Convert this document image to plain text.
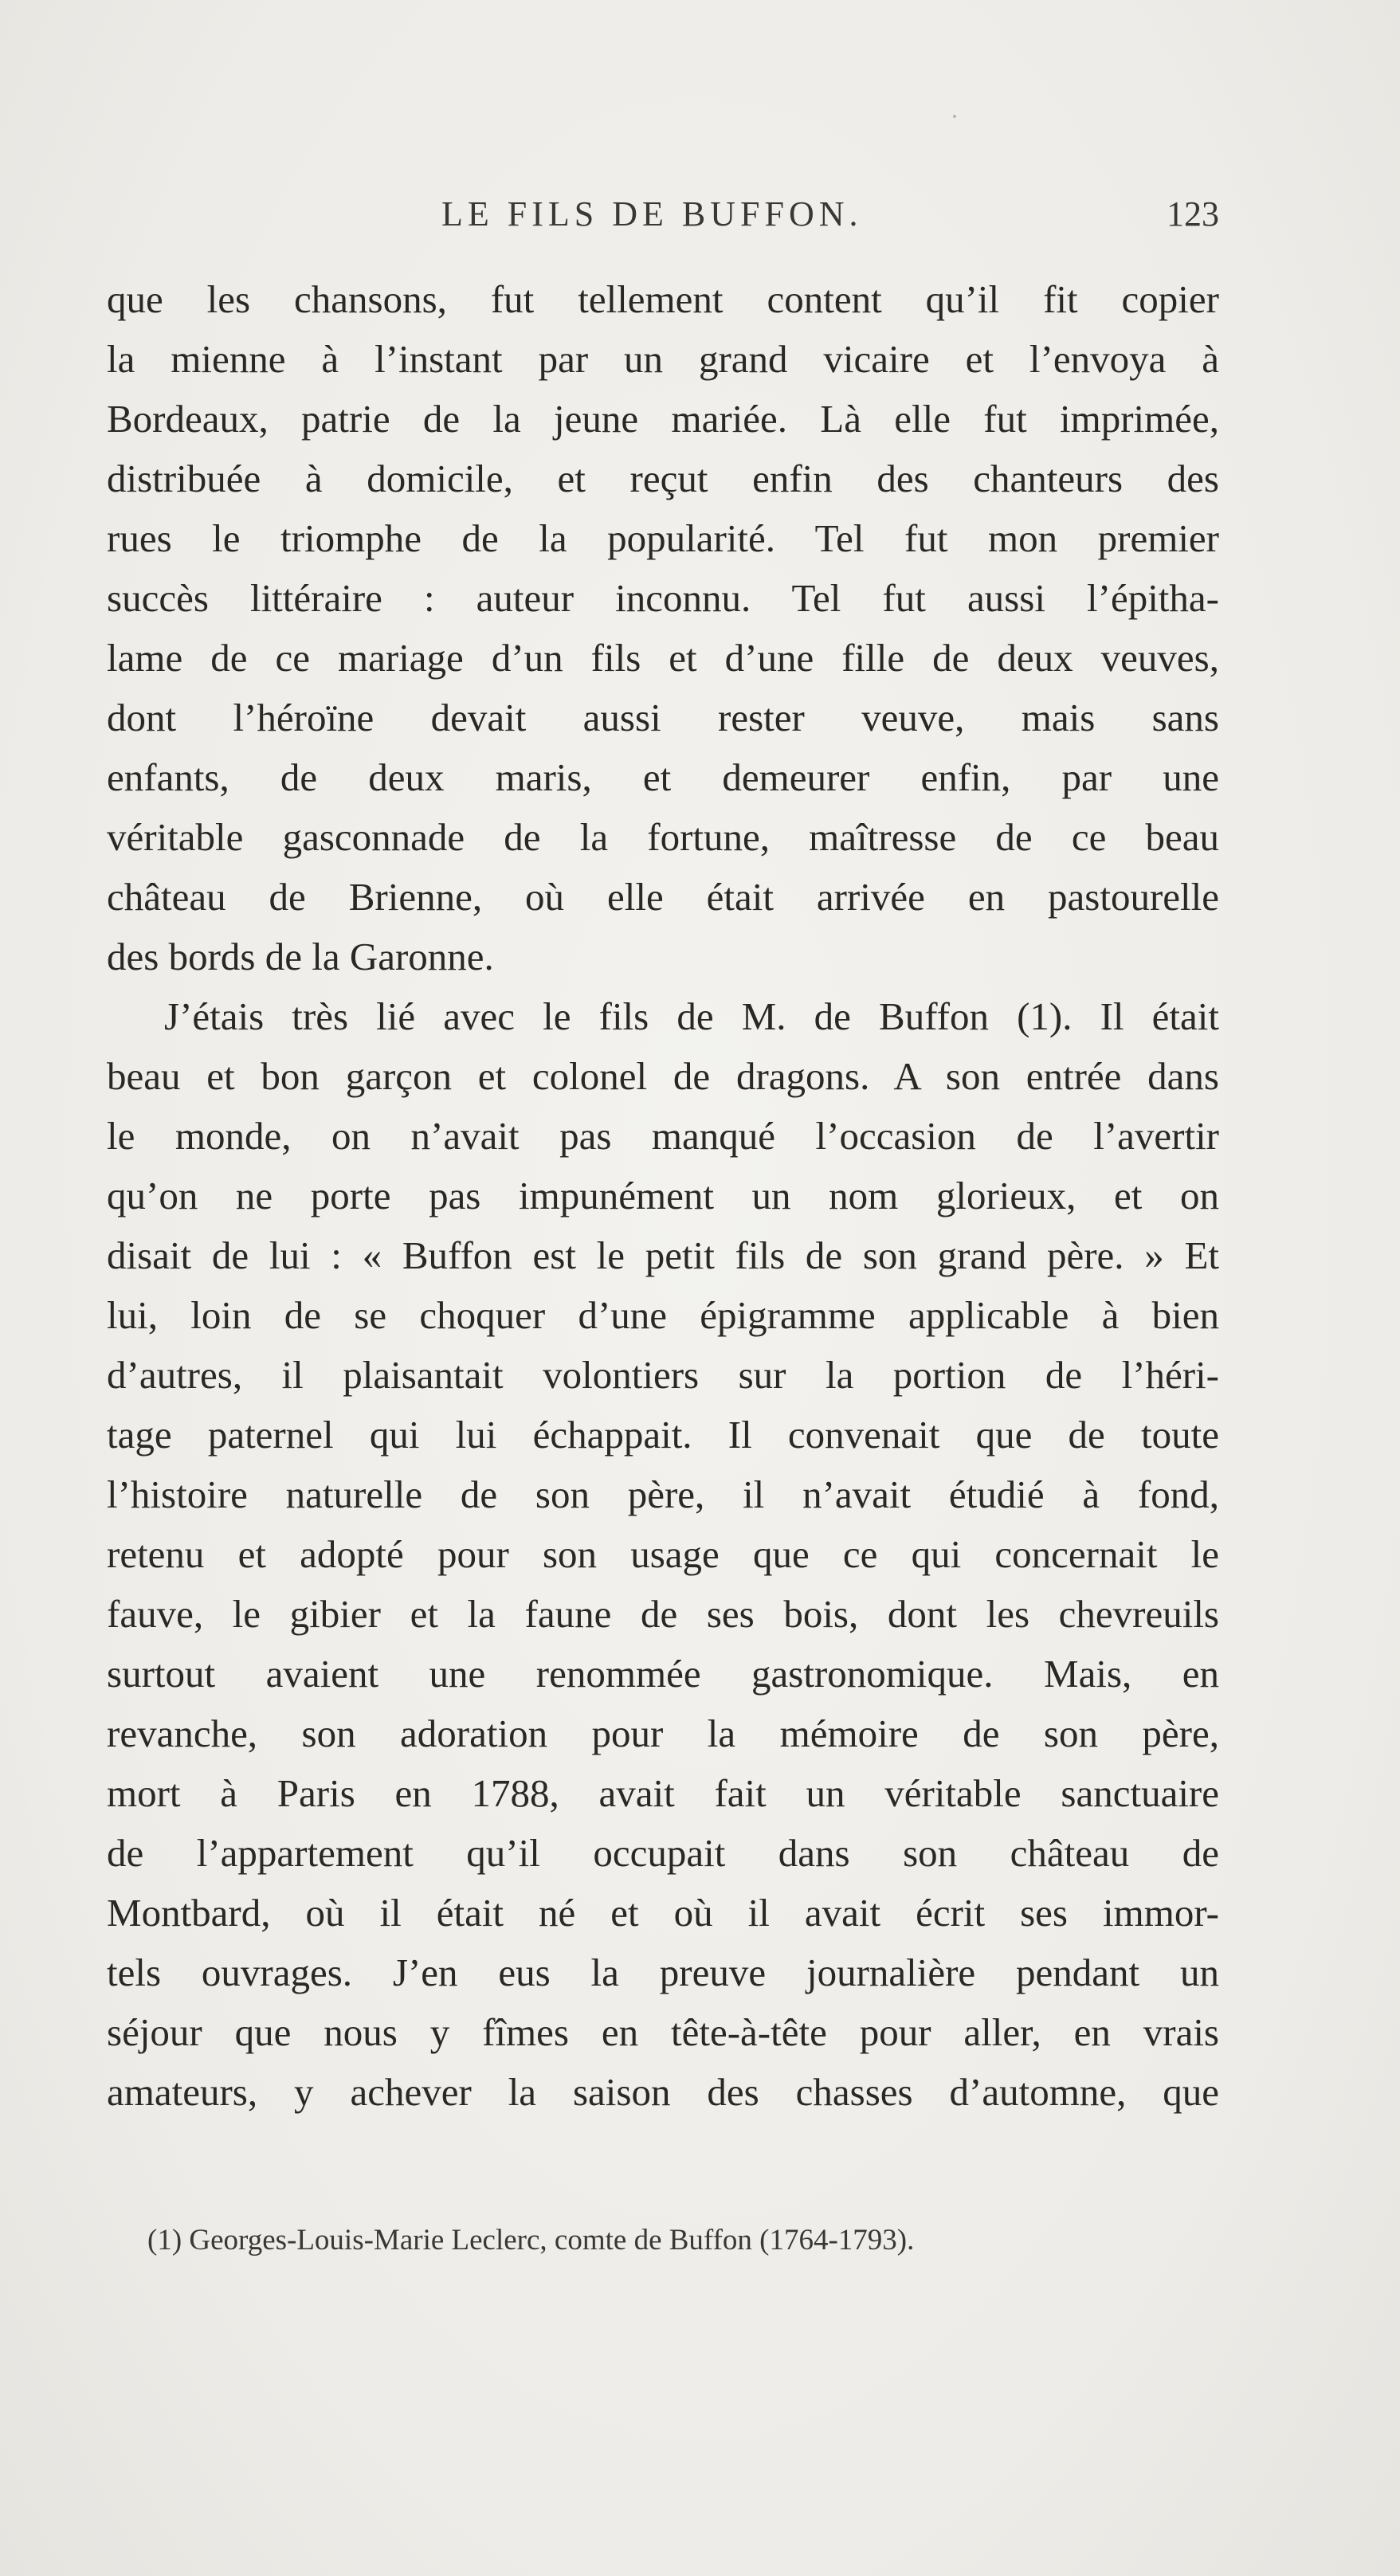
LE FILS DE BUFFON.	123
que les chansons, fut tellement content qu’il fit copier
la mienne à l’instant par un grand vicaire et l’envoya à
Bordeaux, patrie de la jeune mariée. Là elle fut imprimée,
distribuée à domicile, et reçut enfin des chanteurs des
rues le triomphe de la popularité. Tel fut mon premier
succès littéraire : auteur inconnu. Tel fut aussi l’épitha-
lame de ce mariage d’un fils et d’une fille de deux veuves,
dont l’héroïne devait aussi rester veuve, mais sans
enfants, de deux maris, et demeurer enfin, par une
véritable gasconnade de la fortune, maîtresse de ce beau
château de Brienne, où elle était arrivée en pastourelle
des bords de la Garonne.
J’étais très lié avec le fils de M. de Buffon (1). Il était
beau et bon garçon et colonel de dragons. A son entrée dans
le monde, on n’avait pas manqué l’occasion de l’avertir
qu’on ne porte pas impunément un nom glorieux, et on
disait de lui : « Buffon est le petit fils de son grand père. » Et
lui, loin de se choquer d’une épigramme applicable à bien
d’autres, il plaisantait volontiers sur la portion de l’héri-
tage paternel qui lui échappait. Il convenait que de toute
l’histoire naturelle de son père, il n’avait étudié à fond,
retenu et adopté pour son usage que ce qui concernait le
fauve, le gibier et la faune de ses bois, dont les chevreuils
surtout avaient une renommée gastronomique. Mais, en
revanche, son adoration pour la mémoire de son père,
mort à Paris en 1788, avait fait un véritable sanctuaire
de l’appartement qu’il occupait dans son château de
Montbard, où il était né et où il avait écrit ses immor-
tels ouvrages. J’en eus la preuve journalière pendant un
séjour que nous y fîmes en tête-à-tête pour aller, en vrais
amateurs, y achever la saison des chasses d’automne, que
(1) Georges-Louis-Marie Leclerc, comte de Buffon (1764-1793).
